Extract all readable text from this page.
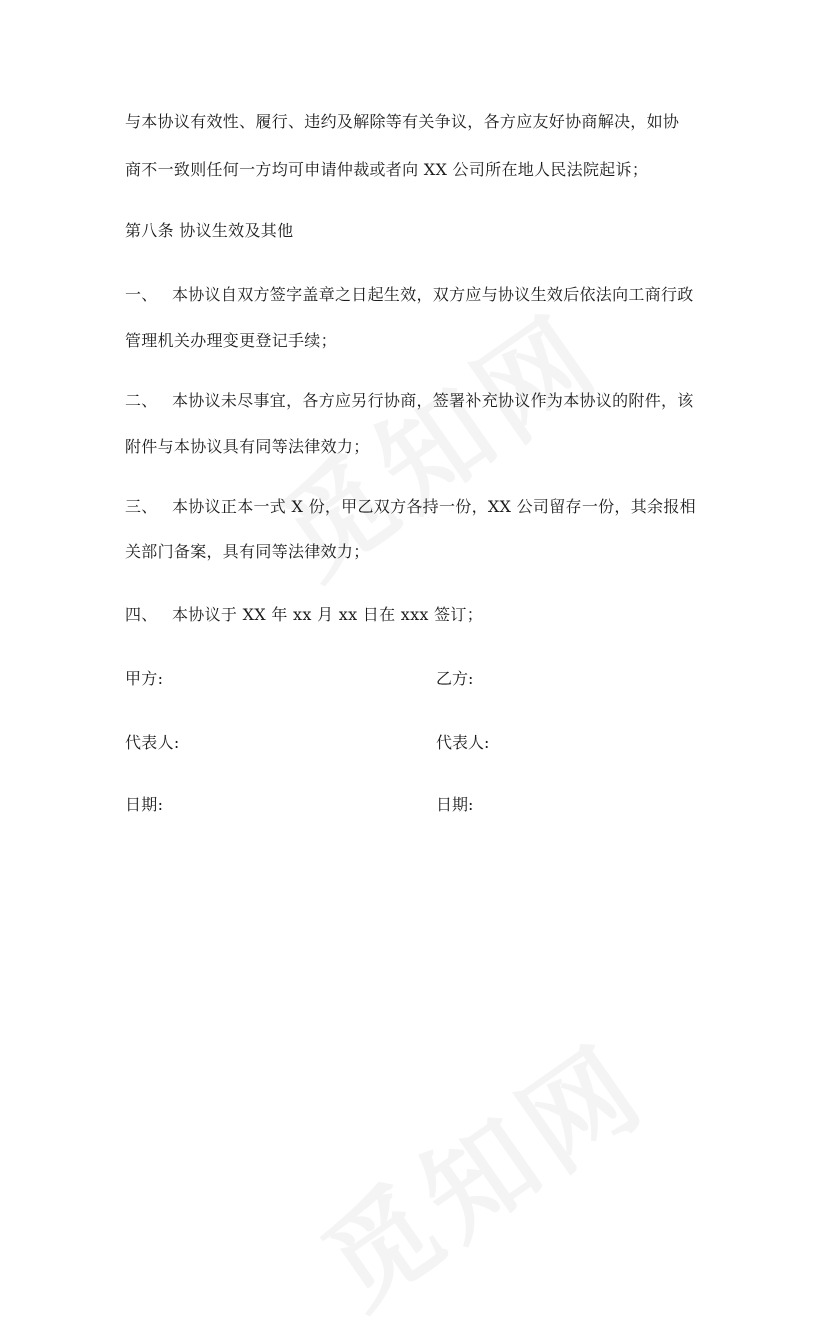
与本协议有效性、履行、违约及解除等有关争议，各方应友好协商解决，如协
商不一致则任何一方均可申请仲裁或者向 XX 公司所在地人民法院起诉；
第八条 协议生效及其他
一、 本协议自双方签字盖章之日起生效，双方应与协议生效后依法向工商行政
管理机关办理变更登记手续；
二、 本协议未尽事宜，各方应另行协商，签署补充协议作为本协议的附件，该
附件与本协议具有同等法律效力；
三、 本协议正本一式 X 份，甲乙双方各持一份，XX 公司留存一份，其余报相
关部门备案，具有同等法律效力；
四、 本协议于 XX 年 xx 月 xx 日在 xxx 签订；
甲方:	乙方:
代表人:	代表人:
日期:	日期:
